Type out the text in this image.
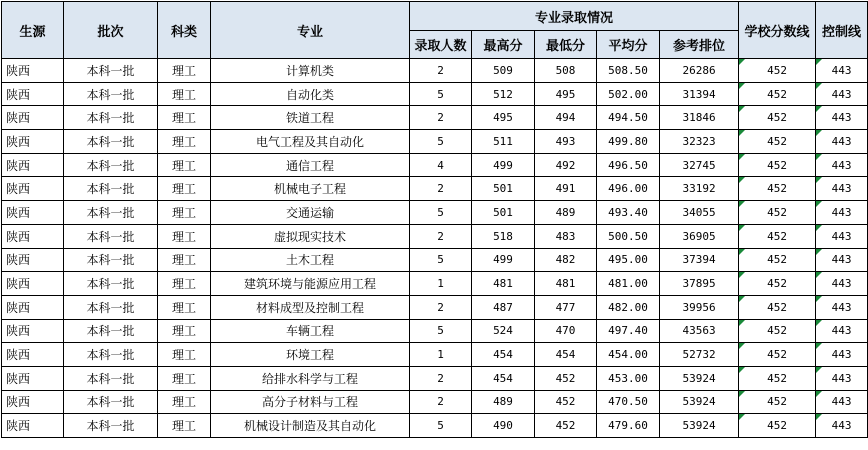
生源	批次	科类	专业	专业录取情况					学校分数线	控制线
				录取人数	最高分	最低分	平均分	参考排位		
陕西	本科一批	理工	计算机类	2	509	508	508.50	26286	452	443
陕西	本科一批	理工	自动化类	5	512	495	502.00	31394	452	443
陕西	本科一批	理工	铁道工程	2	495	494	494.50	31846	452	443
陕西	本科一批	理工	电气工程及其自动化	5	511	493	499.80	32323	452	443
陕西	本科一批	理工	通信工程	4	499	492	496.50	32745	452	443
陕西	本科一批	理工	机械电子工程	2	501	491	496.00	33192	452	443
陕西	本科一批	理工	交通运输	5	501	489	493.40	34055	452	443
陕西	本科一批	理工	虚拟现实技术	2	518	483	500.50	36905	452	443
陕西	本科一批	理工	土木工程	5	499	482	495.00	37394	452	443
陕西	本科一批	理工	建筑环境与能源应用工程	1	481	481	481.00	37895	452	443
陕西	本科一批	理工	材料成型及控制工程	2	487	477	482.00	39956	452	443
陕西	本科一批	理工	车辆工程	5	524	470	497.40	43563	452	443
陕西	本科一批	理工	环境工程	1	454	454	454.00	52732	452	443
陕西	本科一批	理工	给排水科学与工程	2	454	452	453.00	53924	452	443
陕西	本科一批	理工	高分子材料与工程	2	489	452	470.50	53924	452	443
陕西	本科一批	理工	机械设计制造及其自动化	5	490	452	479.60	53924	452	443
